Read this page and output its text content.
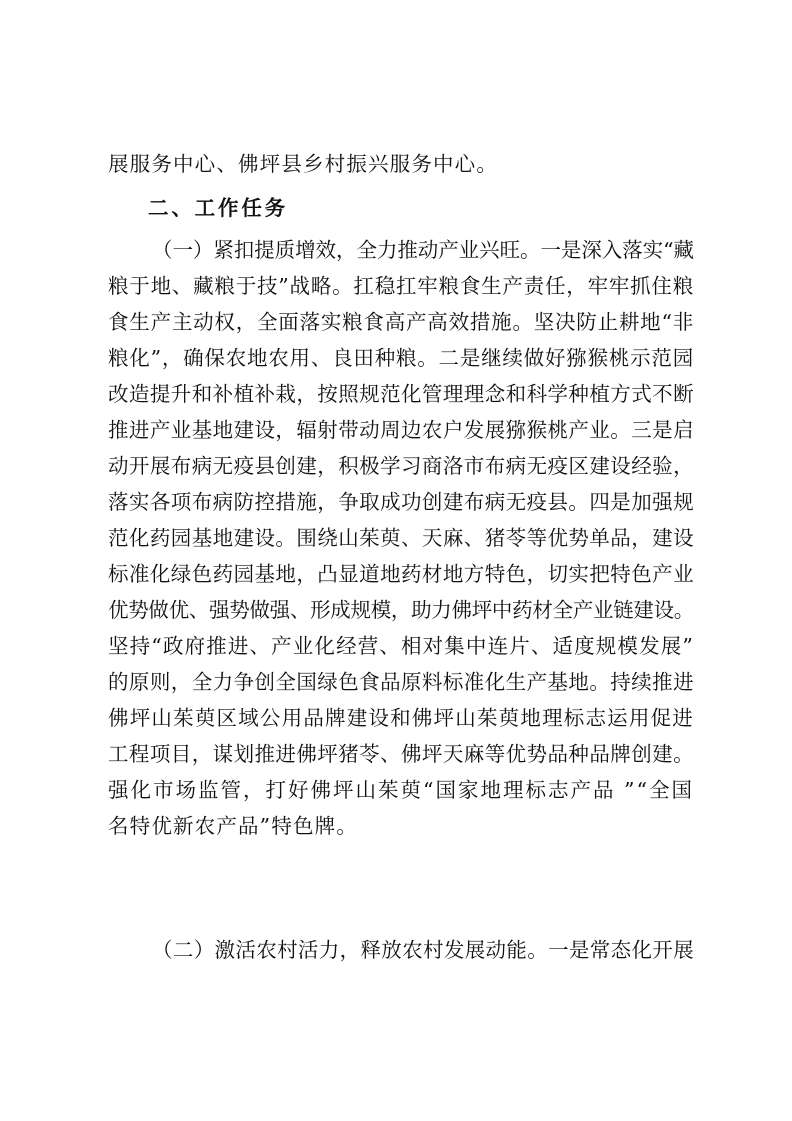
展服务中心、佛坪县乡村振兴服务中心。
二、工作任务
（一）紧扣提质增效，全力推动产业兴旺。一是深入落实“藏
粮于地、藏粮于技”战略。扛稳扛牢粮食生产责任，牢牢抓住粮
食生产主动权，全面落实粮食高产高效措施。坚决防止耕地“非
粮化”，确保农地农用、良田种粮。二是继续做好猕猴桃示范园
改造提升和补植补栽，按照规范化管理理念和科学种植方式不断
推进产业基地建设，辐射带动周边农户发展猕猴桃产业。三是启
动开展布病无疫县创建，积极学习商洛市布病无疫区建设经验，
落实各项布病防控措施，争取成功创建布病无疫县。四是加强规
范化药园基地建设。围绕山茱萸、天麻、猪苓等优势单品，建设
标准化绿色药园基地，凸显道地药材地方特色，切实把特色产业
优势做优、强势做强、形成规模，助力佛坪中药材全产业链建设。
坚持“政府推进、产业化经营、相对集中连片、适度规模发展”
的原则，全力争创全国绿色食品原料标准化生产基地。持续推进
佛坪山茱萸区域公用品牌建设和佛坪山茱萸地理标志运用促进
工程项目，谋划推进佛坪猪苓、佛坪天麻等优势品种品牌创建。
强化市场监管，打好佛坪山茱萸“国家地理标志产品 ”“全国
名特优新农产品”特色牌。
（二）激活农村活力，释放农村发展动能。一是常态化开展
